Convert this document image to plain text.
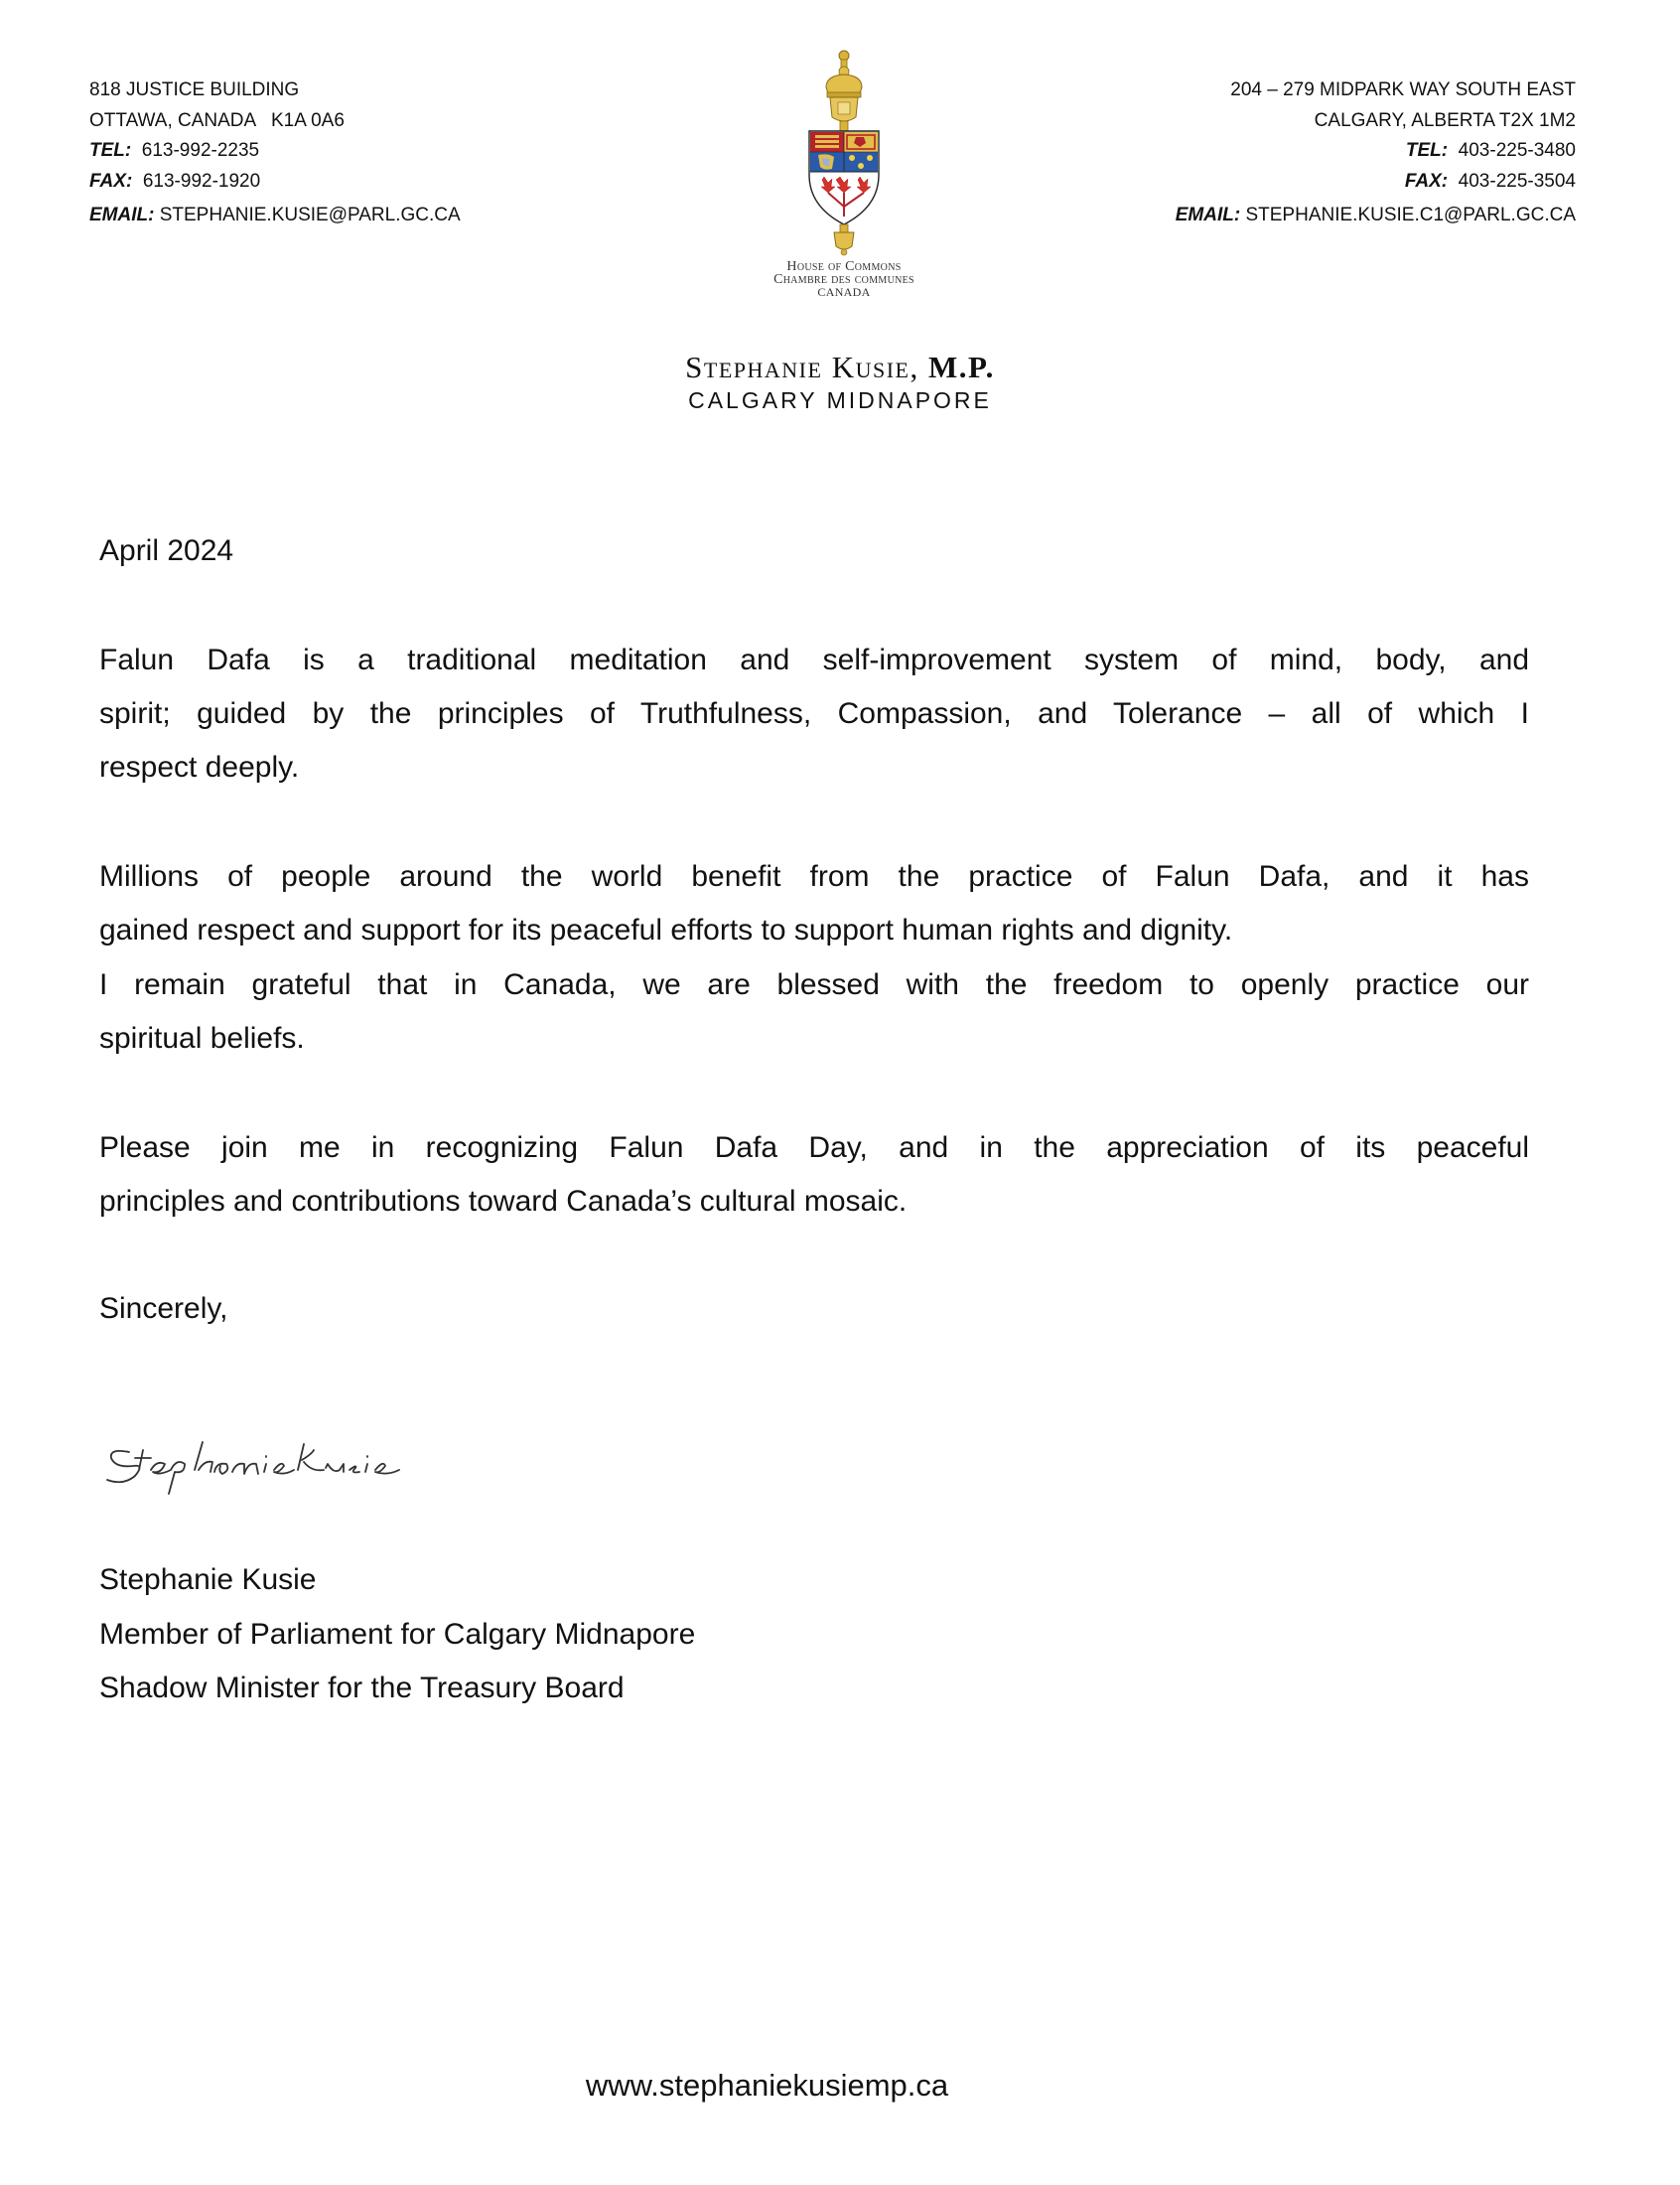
818 JUSTICE BUILDING
OTTAWA, CANADA   K1A 0A6
TEL: 613-992-2235
FAX: 613-992-1920
EMAIL: STEPHANIE.KUSIE@PARL.GC.CA
204 – 279 MIDPARK WAY SOUTH EAST
CALGARY, ALBERTA T2X 1M2
TEL: 403-225-3480
FAX: 403-225-3504
EMAIL: STEPHANIE.KUSIE.C1@PARL.GC.CA
House of Commons
Chambre des communes
CANADA
Stephanie Kusie, M.P.
CALGARY MIDNAPORE
April 2024
Falun Dafa is a traditional meditation and self-improvement system of mind, body, and
spirit; guided by the principles of Truthfulness, Compassion, and Tolerance – all of which I
respect deeply.
Millions of people around the world benefit from the practice of Falun Dafa, and it has
gained respect and support for its peaceful efforts to support human rights and dignity.
I remain grateful that in Canada, we are blessed with the freedom to openly practice our
spiritual beliefs.
Please join me in recognizing Falun Dafa Day, and in the appreciation of its peaceful
principles and contributions toward Canada’s cultural mosaic.
Sincerely,
Stephanie Kusie
Member of Parliament for Calgary Midnapore
Shadow Minister for the Treasury Board
www.stephaniekusiemp.ca
